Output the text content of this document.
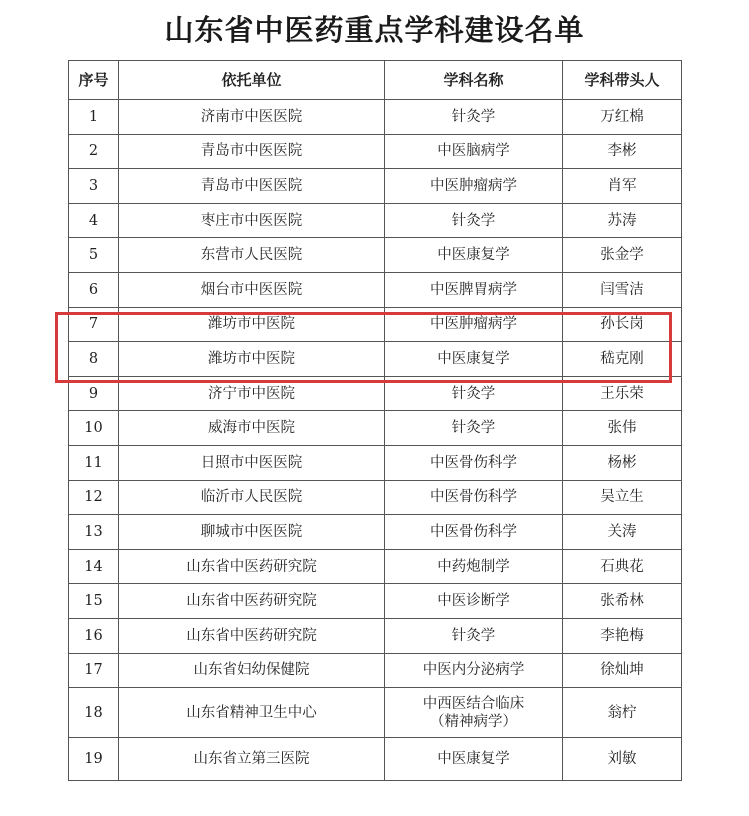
山东省中医药重点学科建设名单
序号	依托单位	学科名称	学科带头人
1	济南市中医医院	针灸学	万红棉
2	青岛市中医医院	中医脑病学	李彬
3	青岛市中医医院	中医肿瘤病学	肖军
4	枣庄市中医医院	针灸学	苏涛
5	东营市人民医院	中医康复学	张金学
6	烟台市中医医院	中医脾胃病学	闫雪洁
7	潍坊市中医院	中医肿瘤病学	孙长岗
8	潍坊市中医院	中医康复学	嵇克刚
9	济宁市中医院	针灸学	王乐荣
10	威海市中医院	针灸学	张伟
11	日照市中医医院	中医骨伤科学	杨彬
12	临沂市人民医院	中医骨伤科学	吴立生
13	聊城市中医医院	中医骨伤科学	关涛
14	山东省中医药研究院	中药炮制学	石典花
15	山东省中医药研究院	中医诊断学	张希林
16	山东省中医药研究院	针灸学	李艳梅
17	山东省妇幼保健院	中医内分泌病学	徐灿坤
18	山东省精神卫生中心	中西医结合临床
（精神病学）	翁柠
19	山东省立第三医院	中医康复学	刘敏
